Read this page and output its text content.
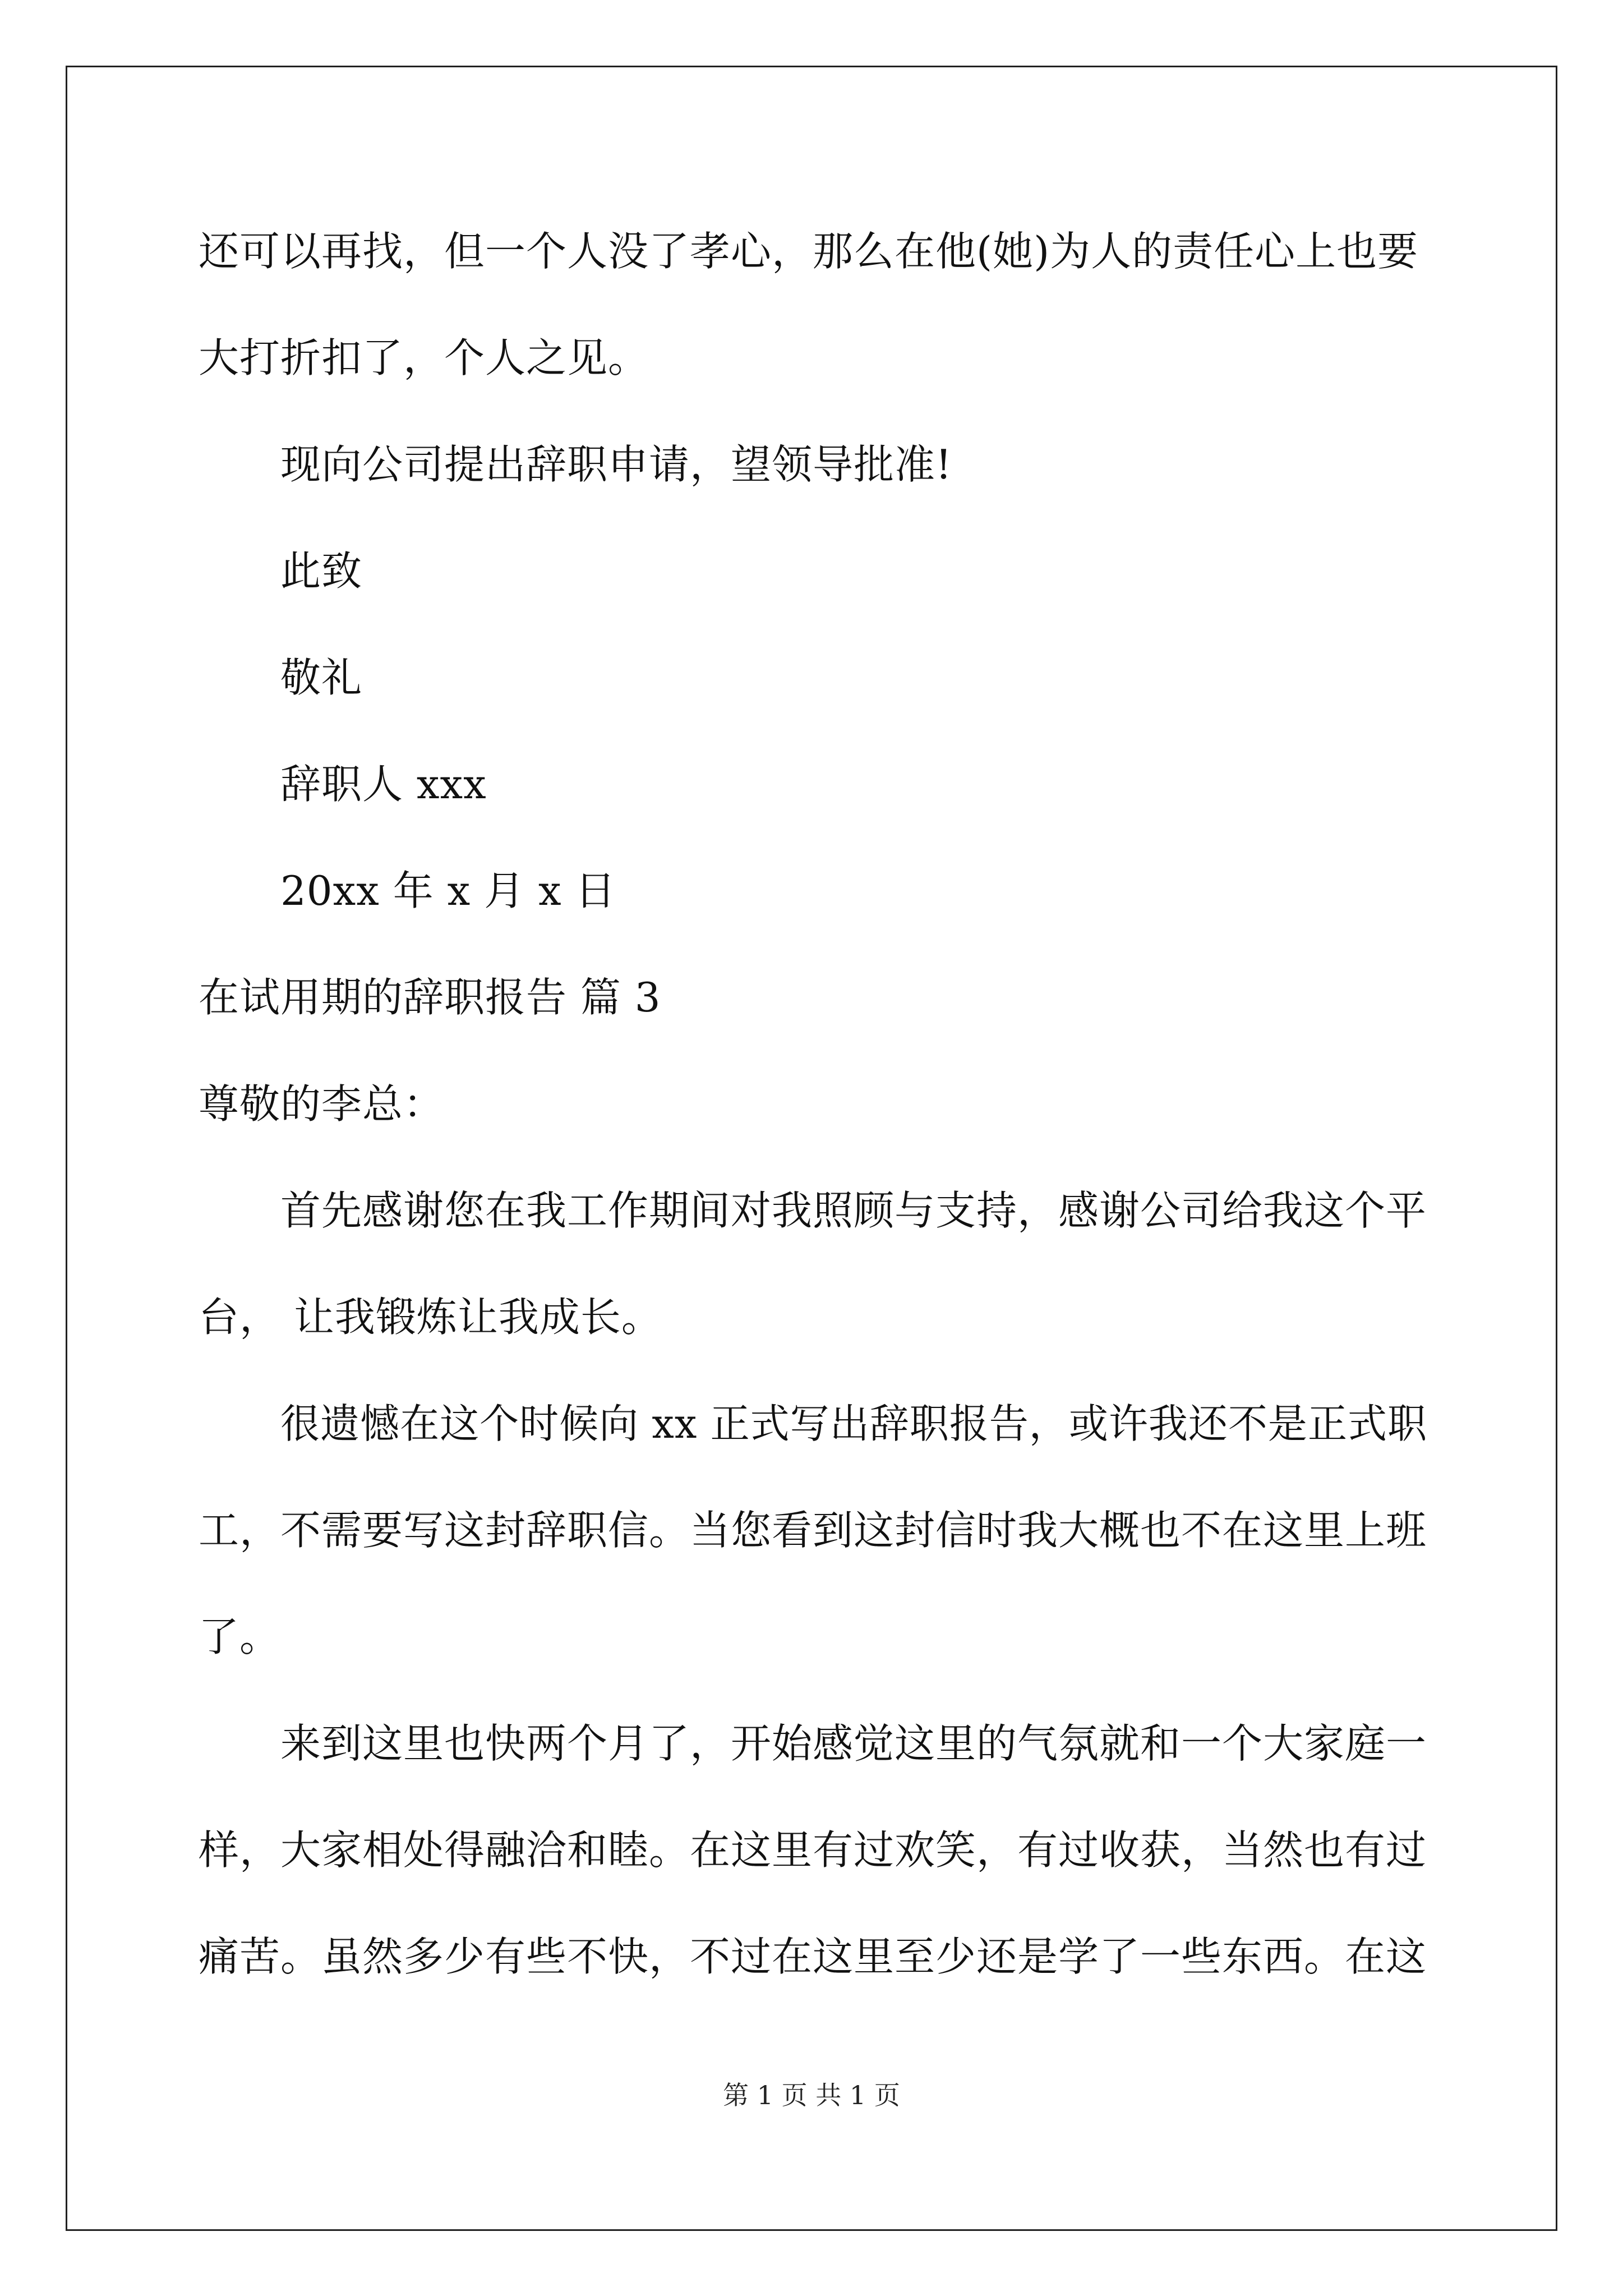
还可以再找，但一个人没了孝心，那么在他(她)为人的责任心上也要
大打折扣了，个人之见。
现向公司提出辞职申请，望领导批准!
此致
敬礼
辞职人 xxx
20xx 年 x 月 x 日
在试用期的辞职报告 篇 3
尊敬的李总：
首先感谢您在我工作期间对我照顾与支持，感谢公司给我这个平
台， 让我锻炼让我成长。
很遗憾在这个时候向 xx 正式写出辞职报告，或许我还不是正式职
工，不需要写这封辞职信。当您看到这封信时我大概也不在这里上班
了。
来到这里也快两个月了，开始感觉这里的气氛就和一个大家庭一
样，大家相处得融洽和睦。在这里有过欢笑，有过收获，当然也有过
痛苦。虽然多少有些不快，不过在这里至少还是学了一些东西。在这
第 1 页 共 1 页
